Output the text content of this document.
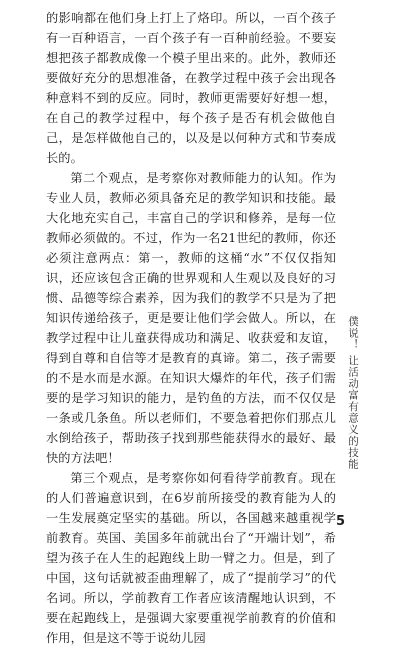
的影响都在他们身上打上了烙印。所以，一百个孩子有一百种语言，一百个孩子有一百种前经验。不要妄想把孩子都教成像一个模子里出来的。此外，教师还要做好充分的思想准备，在教学过程中孩子会出现各种意料不到的反应。同时，教师更需要好好想一想，在自己的教学过程中，每个孩子是否有机会做他自己，是怎样做他自己的，以及是以何种方式和节奏成长的。

第二个观点，是考察你对教师能力的认知。作为专业人员，教师必须具备充足的教学知识和技能。最大化地充实自己，丰富自己的学识和修养，是每一位教师必须做的。不过，作为一名21世纪的教师，你还必须注意两点：第一，教师的这桶“水”不仅仅指知识，还应该包含正确的世界观和人生观以及良好的习惯、品德等综合素养，因为我们的教学不只是为了把知识传递给孩子，更是要让他们学会做人。所以，在教学过程中让儿童获得成功和满足、收获爱和友谊，得到自尊和自信等才是教育的真谛。第二，孩子需要的不是水而是水源。在知识大爆炸的年代，孩子们需要的是学习知识的能力，是钓鱼的方法，而不仅仅是一条或几条鱼。所以老师们，不要急着把你们那点儿水倒给孩子，帮助孩子找到那些能获得水的最好、最快的方法吧！

第三个观点，是考察你如何看待学前教育。现在的人们普遍意识到，在6岁前所接受的教育能为人的一生发展奠定坚实的基础。所以，各国越来越重视学前教育。英国、美国多年前就出台了“开端计划”，希望为孩子在人生的起跑线上助一臂之力。但是，到了中国，这句话就被歪曲理解了，成了“提前学习”的代名词。所以，学前教育工作者应该清醒地认识到，不要在起跑线上，是强调大家要重视学前教育的价值和作用，但是这不等于说幼儿园

僕说！ 让活动富有意义的技能
5
